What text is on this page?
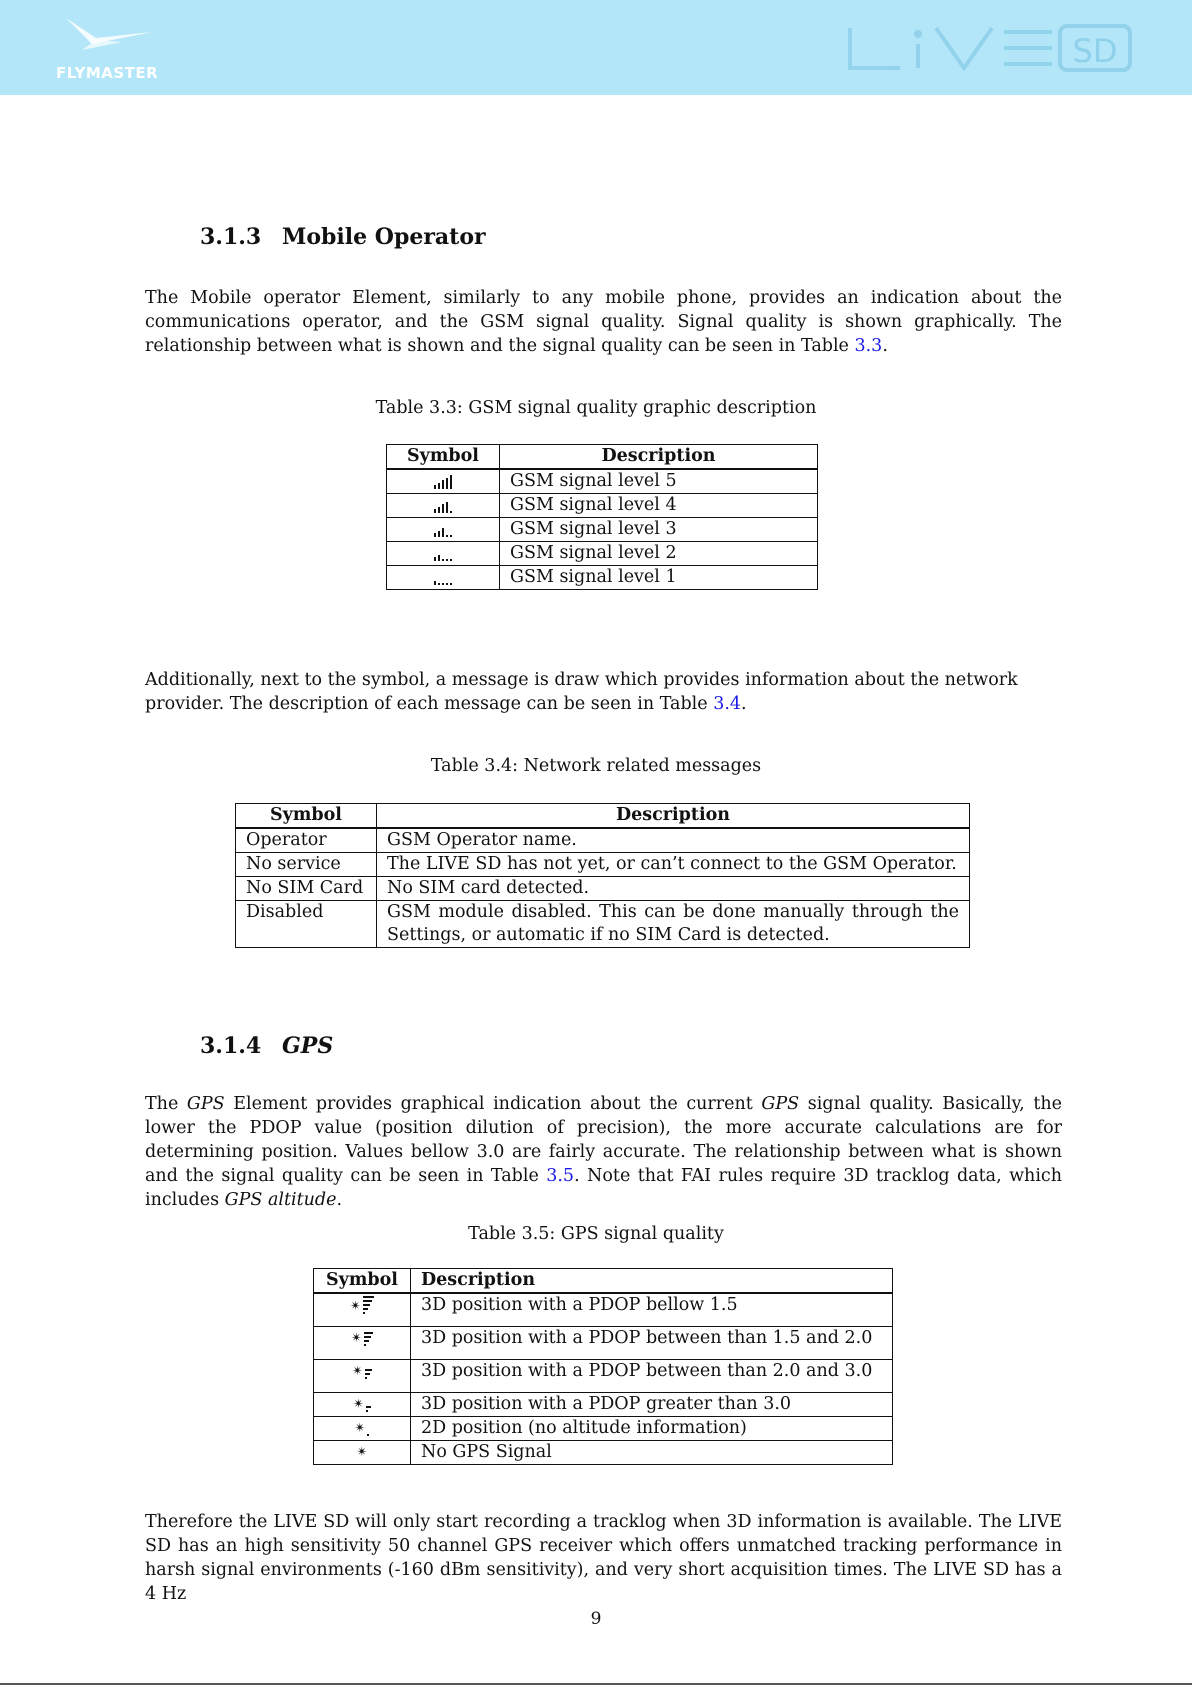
FLYMASTER
SD
3.1.3 Mobile Operator

The Mobile operator Element, similarly to any mobile phone, provides an indication about the communications operator, and the GSM signal quality. Signal quality is shown graphically. The relationship between what is shown and the signal quality can be seen in Table 3.3.

Table 3.3: GSM signal quality graphic description
Symbol	Description

	GSM signal level 5

	GSM signal level 4

	GSM signal level 3

	GSM signal level 2

	GSM signal level 1

Additionally, next to the symbol, a message is draw which provides information about the network provider. The description of each message can be seen in Table 3.4.

Table 3.4: Network related messages
Symbol	Description
Operator	GSM Operator name.
No service	The LIVE SD has not yet, or can’t connect to the GSM Operator.
No SIM Card	No SIM card detected.
Disabled	GSM module disabled. This can be done manually through the Settings, or automatic if no SIM Card is detected.
3.1.4 GPS

The GPS Element provides graphical indication about the current GPS signal quality. Basically, the lower the PDOP value (position dilution of precision), the more accurate calculations are for determining position. Values bellow 3.0 are fairly accurate. The relationship between what is shown and the signal quality can be seen in Table 3.5. Note that FAI rules require 3D tracklog data, which includes GPS altitude.

Table 3.5: GPS signal quality
Symbol	Description

✴	3D position with a PDOP bellow 1.5

✴	3D position with a PDOP between than 1.5 and 2.0

✴	3D position with a PDOP between than 2.0 and 3.0

✴	3D position with a PDOP greater than 3.0

✴	2D position (no altitude information)

✴	No GPS Signal

Therefore the LIVE SD will only start recording a tracklog when 3D information is available. The LIVE SD has an high sensitivity 50 channel GPS receiver which offers unmatched tracking performance in harsh signal environments (-160 dBm sensitivity), and very short acquisition times. The LIVE SD has a 4 Hz

9
